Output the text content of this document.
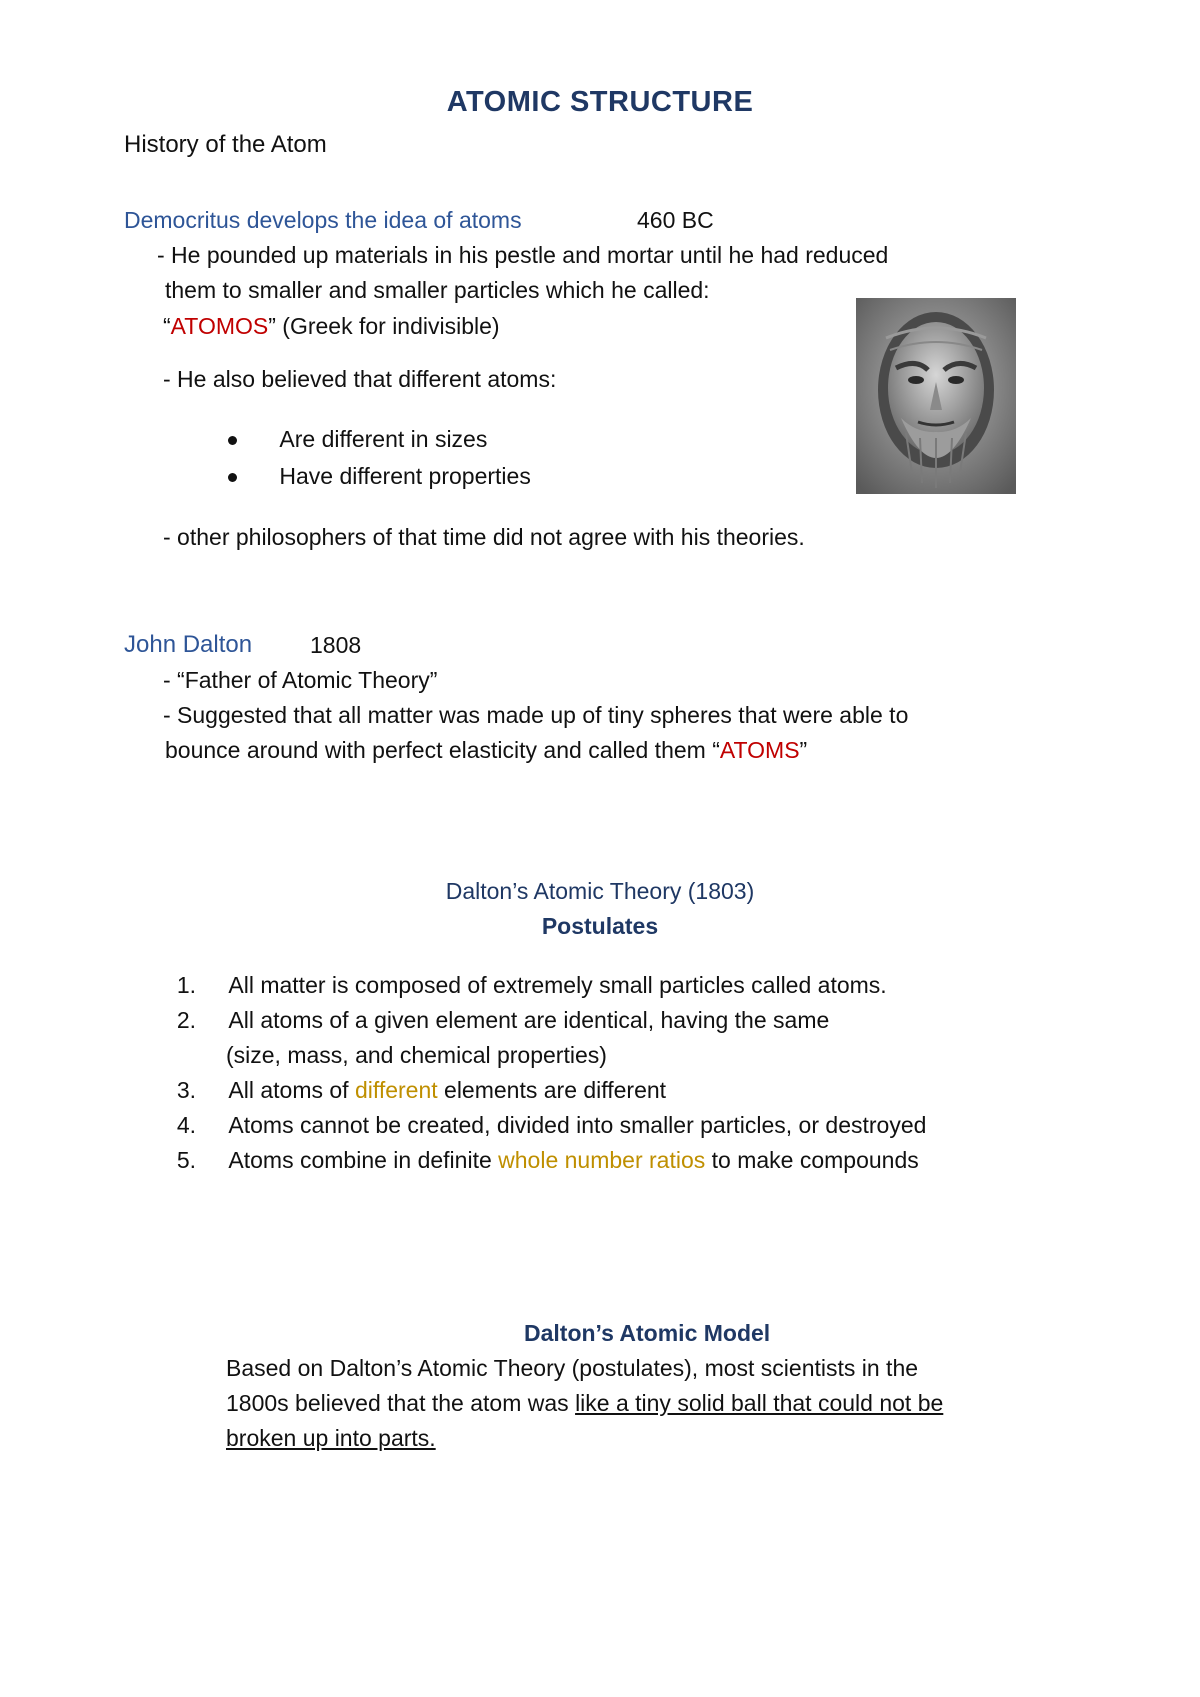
ATOMIC STRUCTURE
History of the Atom
Democritus develops the idea of atoms	460 BC
- He pounded up materials in his pestle and mortar until he had reduced
them to smaller and smaller particles which he called:
“ATOMOS” (Greek for indivisible)
- He also believed that different atoms:
Are different in sizes
Have different properties
- other philosophers of that time did not agree with his theories.
John Dalton	1808
- “Father of Atomic Theory”
- Suggested that all matter was made up of tiny spheres that were able to
bounce around with perfect elasticity and called them “ATOMS”
Dalton’s Atomic Theory (1803)
Postulates
1. All matter is composed of extremely small particles called atoms.
2. All atoms of a given element are identical, having the same
(size, mass, and chemical properties)
3. All atoms of different elements are different
4. Atoms cannot be created, divided into smaller particles, or destroyed
5. Atoms combine in definite whole number ratios to make compounds
Dalton’s Atomic Model
Based on Dalton’s Atomic Theory (postulates), most scientists in the
1800s believed that the atom was like a tiny solid ball that could not be
broken up into parts.
